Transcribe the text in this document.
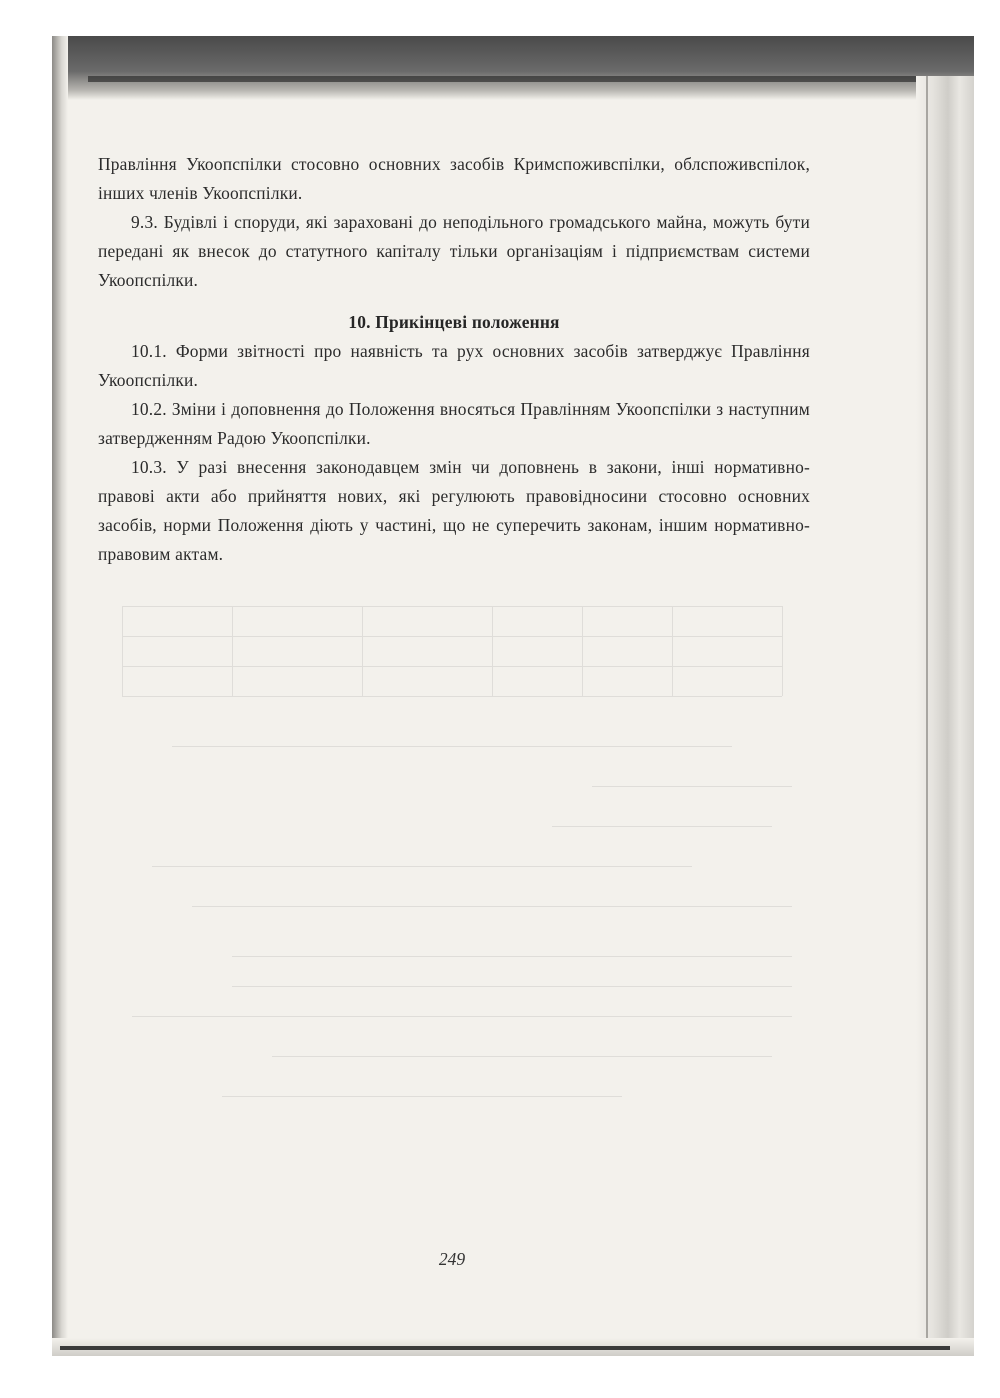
Правління Укоопспілки стосовно основних засобів Кримспоживспілки, облспоживспілок, інших членів Укоопспілки.

9.3. Будівлі і споруди, які зараховані до неподільного громадського майна, можуть бути передані як внесок до статутного капіталу тільки організаціям і підприємствам системи Укоопспілки.

10. Прикінцеві положення

10.1. Форми звітності про наявність та рух основних засобів затверджує Правління Укоопспілки.

10.2. Зміни і доповнення до Положення вносяться Правлінням Укоопспілки з наступним затвердженням Радою Укоопспілки.

10.3. У разі внесення законодавцем змін чи доповнень в закони, інші нормативно-правові акти або прийняття нових, які регулюють правовідносини стосовно основних засобів, норми Положення діють у частині, що не суперечить законам, іншим нормативно-правовим актам.

249
